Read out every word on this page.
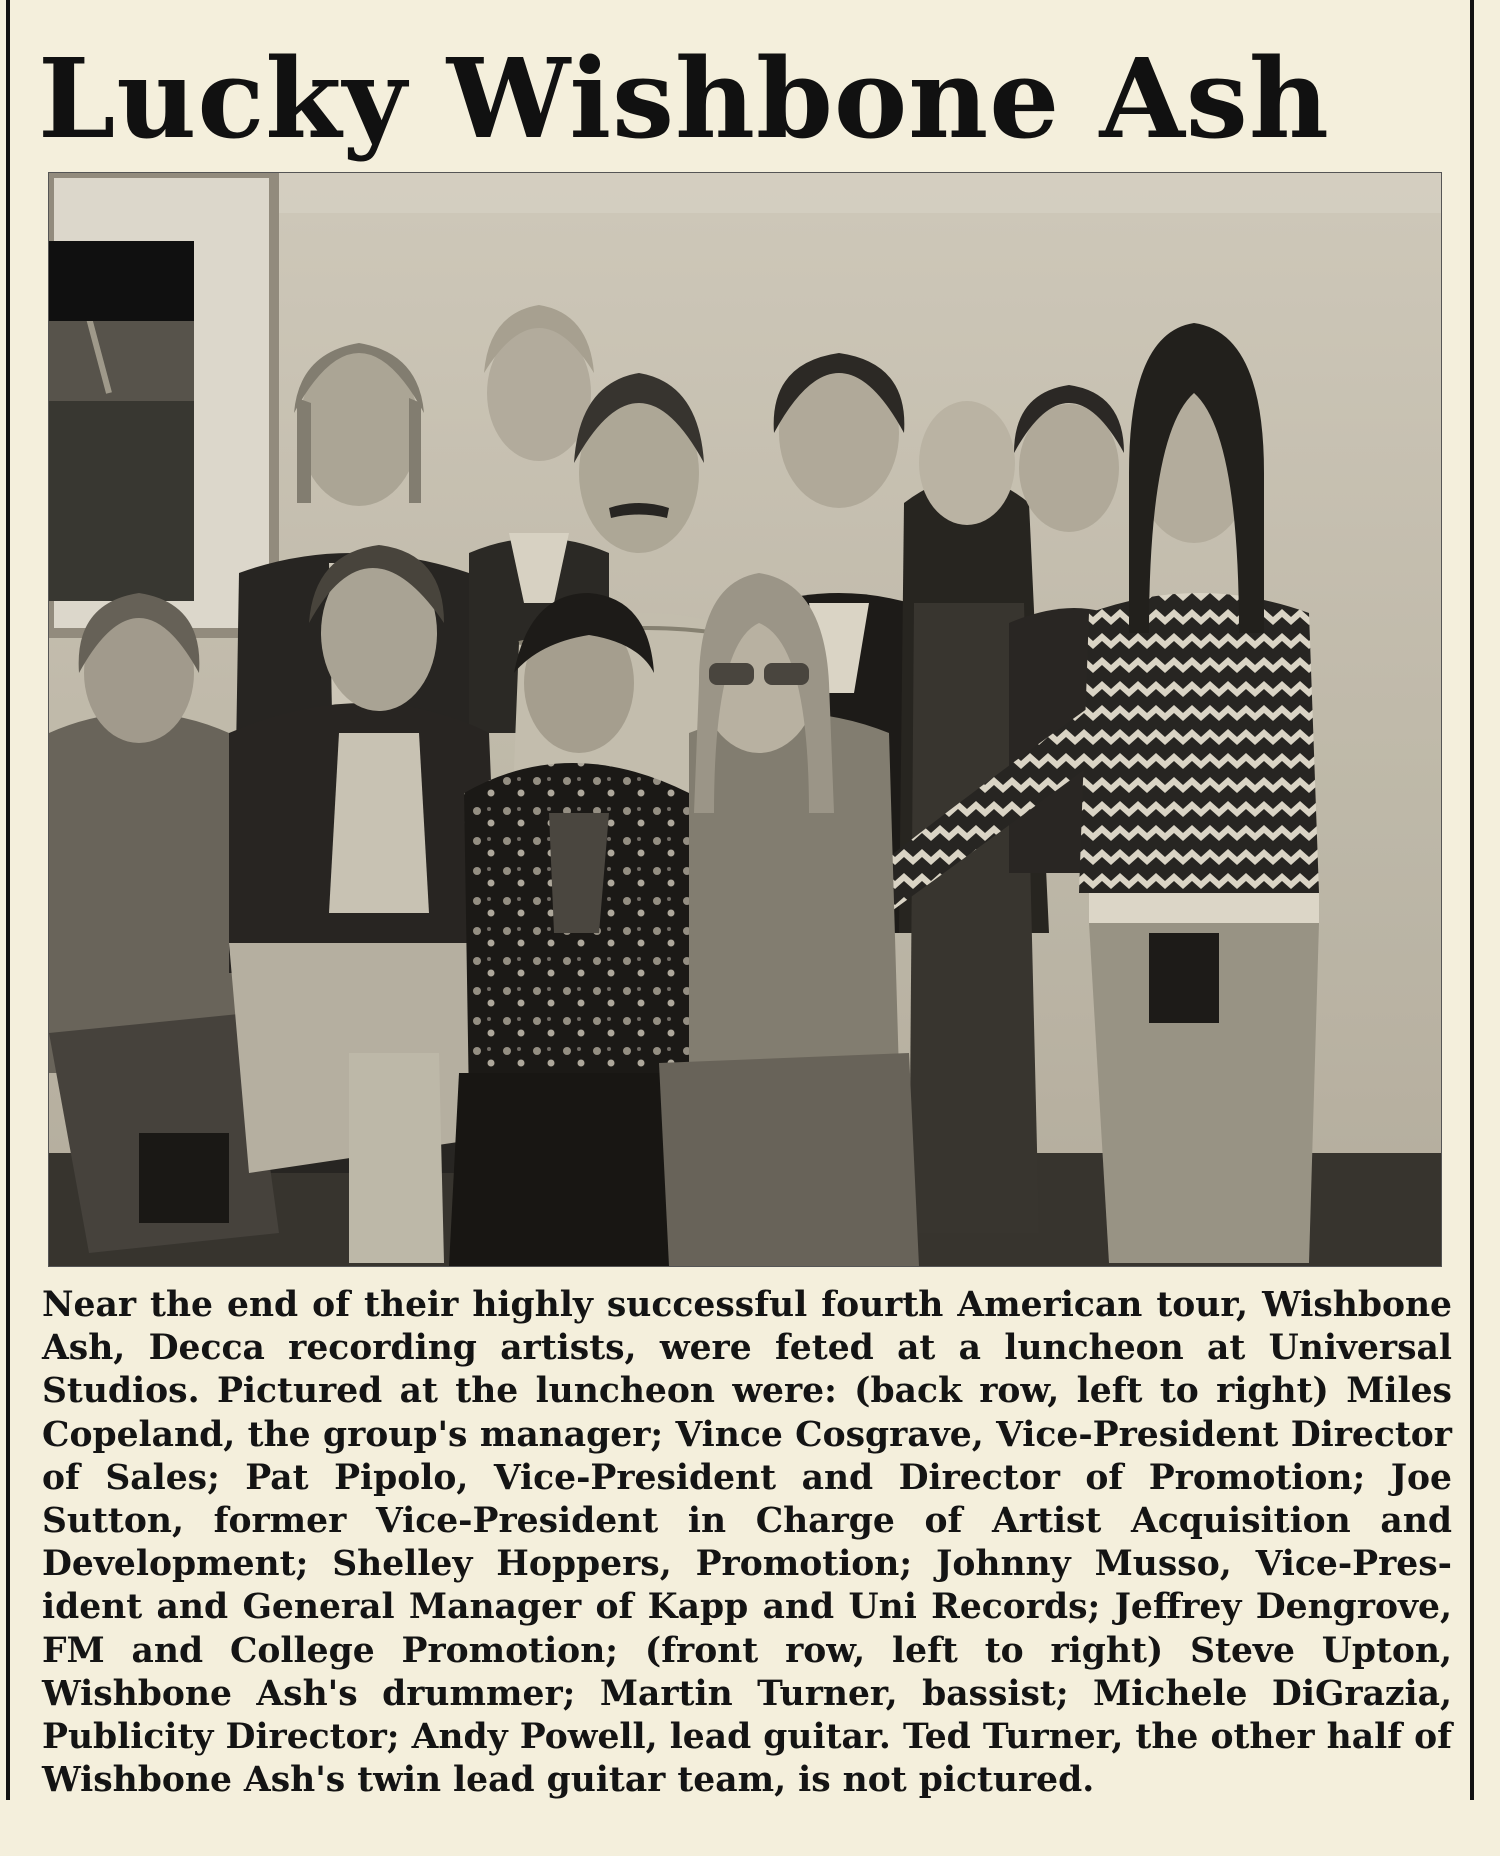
Lucky Wishbone Ash

Near the end of their highly successful fourth American tour, Wishbone Ash, Decca recording artists, were feted at a luncheon at Universal Studios. Pictured at the luncheon were: (back row, left to right) Miles Copeland, the group's manager; Vince Cosgrave, Vice-President Director of Sales; Pat Pipolo, Vice-President and Director of Promotion; Joe Sutton, former Vice-President in Charge of Artist Acquisition and Development; Shelley Hoppers, Promotion; Johnny Musso, Vice-President and General Manager of Kapp and Uni Records; Jeffrey Dengrove, FM and College Promotion; (front row, left to right) Steve Upton, Wishbone Ash's drummer; Martin Turner, bassist; Michele DiGrazia, Publicity Director; Andy Powell, lead guitar. Ted Turner, the other half of Wishbone Ash's twin lead guitar team, is not pictured.
